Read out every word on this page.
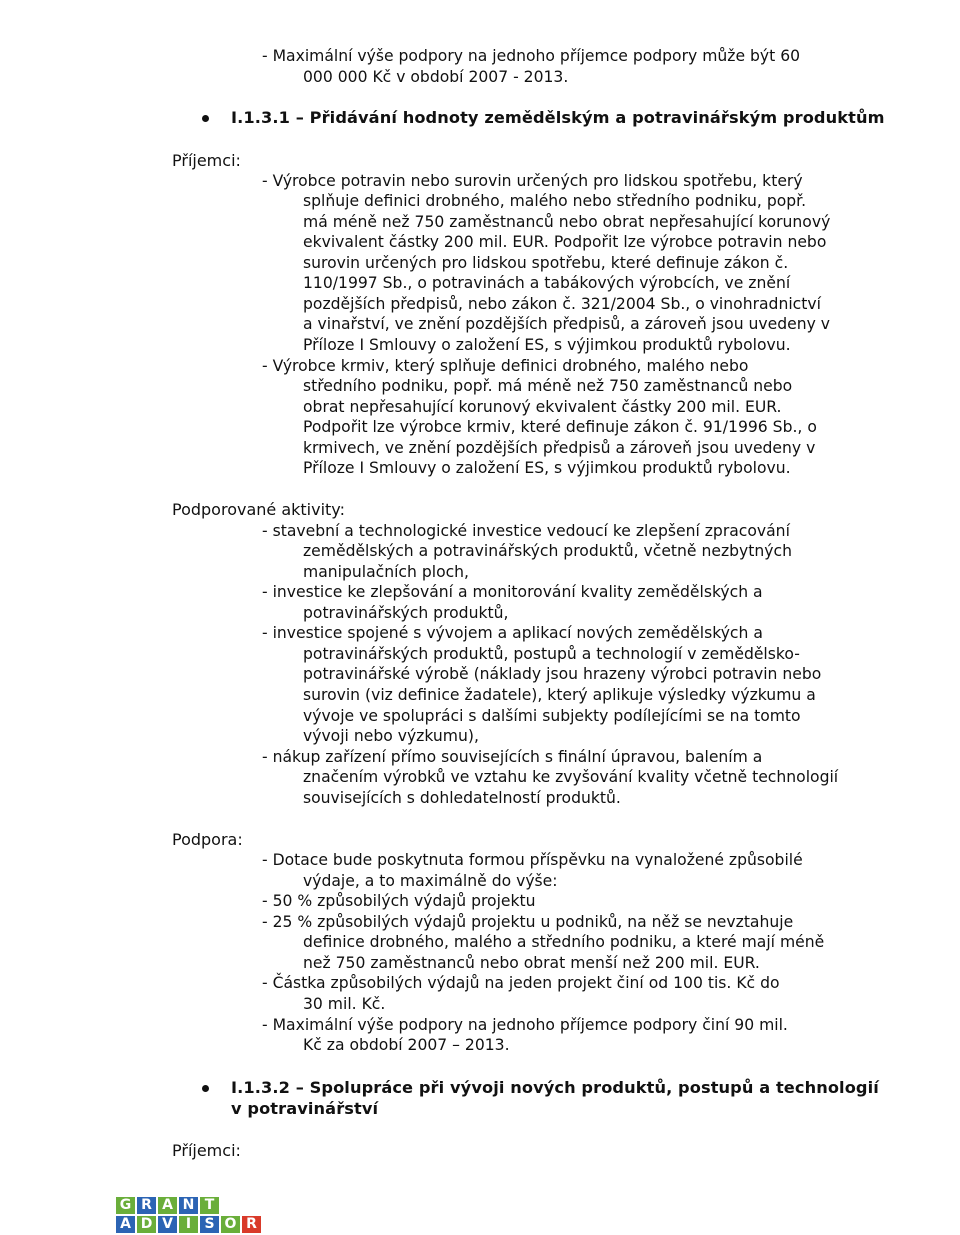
- Maximální výše podpory na jednoho příjemce podpory může být 60
000 000 Kč v období 2007 - 2013.
I.1.3.1 – Přidávání hodnoty zemědělským a potravinářským produktům
Příjemci:
- Výrobce potravin nebo surovin určených pro lidskou spotřebu, který
splňuje definici drobného, malého nebo středního podniku, popř.
má méně než 750 zaměstnanců nebo obrat nepřesahující korunový
ekvivalent částky 200 mil. EUR. Podpořit lze výrobce potravin nebo
surovin určených pro lidskou spotřebu, které definuje zákon č.
110/1997 Sb., o potravinách a tabákových výrobcích, ve znění
pozdějších předpisů, nebo zákon č. 321/2004 Sb., o vinohradnictví
a vinařství, ve znění pozdějších předpisů, a zároveň jsou uvedeny v
Příloze I Smlouvy o založení ES, s výjimkou produktů rybolovu.
- Výrobce krmiv, který splňuje definici drobného, malého nebo
středního podniku, popř. má méně než 750 zaměstnanců nebo
obrat nepřesahující korunový ekvivalent částky 200 mil. EUR.
Podpořit lze výrobce krmiv, které definuje zákon č. 91/1996 Sb., o
krmivech, ve znění pozdějších předpisů a zároveň jsou uvedeny v
Příloze I Smlouvy o založení ES, s výjimkou produktů rybolovu.
Podporované aktivity:
- stavební a technologické investice vedoucí ke zlepšení zpracování
zemědělských a potravinářských produktů, včetně nezbytných
manipulačních ploch,
- investice ke zlepšování a monitorování kvality zemědělských a
potravinářských produktů,
- investice spojené s vývojem a aplikací nových zemědělských a
potravinářských produktů, postupů a technologií v zemědělsko-
potravinářské výrobě (náklady jsou hrazeny výrobci potravin nebo
surovin (viz definice žadatele), který aplikuje výsledky výzkumu a
vývoje ve spolupráci s dalšími subjekty podílejícími se na tomto
vývoji nebo výzkumu),
- nákup zařízení přímo souvisejících s finální úpravou, balením a
značením výrobků ve vztahu ke zvyšování kvality včetně technologií
souvisejících s dohledatelností produktů.
Podpora:
- Dotace bude poskytnuta formou příspěvku na vynaložené způsobilé
výdaje, a to maximálně do výše:
- 50 % způsobilých výdajů projektu
- 25 % způsobilých výdajů projektu u podniků, na něž se nevztahuje
definice drobného, malého a středního podniku, a které mají méně
než 750 zaměstnanců nebo obrat menší než 200 mil. EUR.
- Částka způsobilých výdajů na jeden projekt činí od 100 tis. Kč do
30 mil. Kč.
- Maximální výše podpory na jednoho příjemce podpory činí 90 mil.
Kč za období 2007 – 2013.
I.1.3.2 – Spolupráce při vývoji nových produktů, postupů a technologií
v potravinářství
Příjemci:
G R A N T
A D V I S O R
